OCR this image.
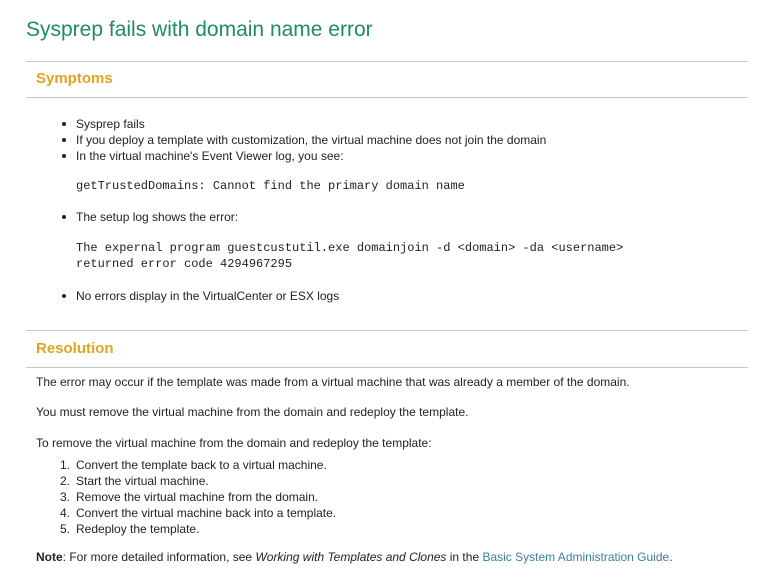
Sysprep fails with domain name error
Symptoms
Sysprep fails
If you deploy a template with customization, the virtual machine does not join the domain
In the virtual machine's Event Viewer log, you see:
getTrustedDomains: Cannot find the primary domain name
The setup log shows the error:
The expernal program guestcustutil.exe domainjoin -d <domain> -da <username>
returned error code 4294967295
No errors display in the VirtualCenter or ESX logs
Resolution
The error may occur if the template was made from a virtual machine that was already a member of the domain.
You must remove the virtual machine from the domain and redeploy the template.
To remove the virtual machine from the domain and redeploy the template:
1. Convert the template back to a virtual machine.
2. Start the virtual machine.
3. Remove the virtual machine from the domain.
4. Convert the virtual machine back into a template.
5. Redeploy the template.
Note: For more detailed information, see Working with Templates and Clones in the Basic System Administration Guide.
